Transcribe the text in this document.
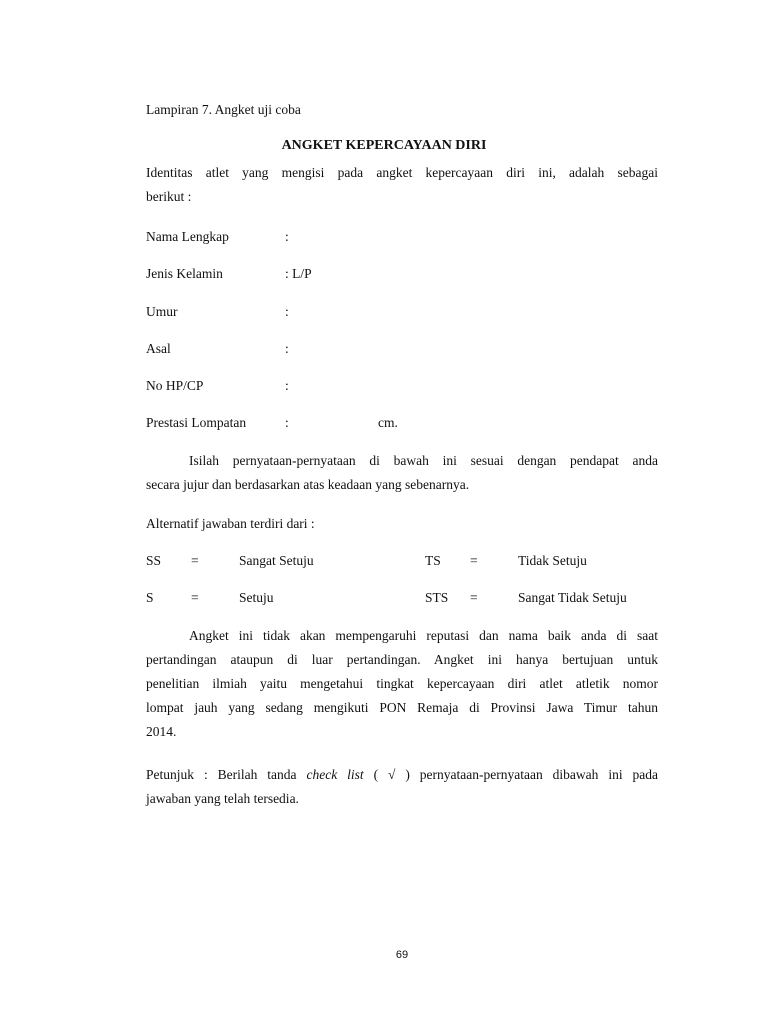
Lampiran 7. Angket uji coba
ANGKET KEPERCAYAAN DIRI
Identitas atlet yang mengisi pada angket kepercayaan diri ini, adalah sebagai
berikut :
Nama Lengkap	:
Jenis Kelamin	: L/P
Umur	:
Asal	:
No HP/CP	:
Prestasi Lompatan	:	cm.
Isilah pernyataan-pernyataan di bawah ini sesuai dengan pendapat anda
secara jujur dan berdasarkan atas keadaan yang sebenarnya.
Alternatif jawaban terdiri dari :
SS =	Sangat Setuju	TS =	Tidak Setuju
S	=	Setuju	STS =	Sangat Tidak Setuju
Angket ini tidak akan mempengaruhi reputasi dan nama baik anda di saat
pertandingan ataupun di luar pertandingan. Angket ini hanya bertujuan untuk
penelitian ilmiah yaitu mengetahui tingkat kepercayaan diri atlet atletik nomor
lompat jauh yang sedang mengikuti PON Remaja di Provinsi Jawa Timur tahun
2014.
Petunjuk : Berilah tanda check list ( √ ) pernyataan-pernyataan dibawah ini pada
jawaban yang telah tersedia.
69
